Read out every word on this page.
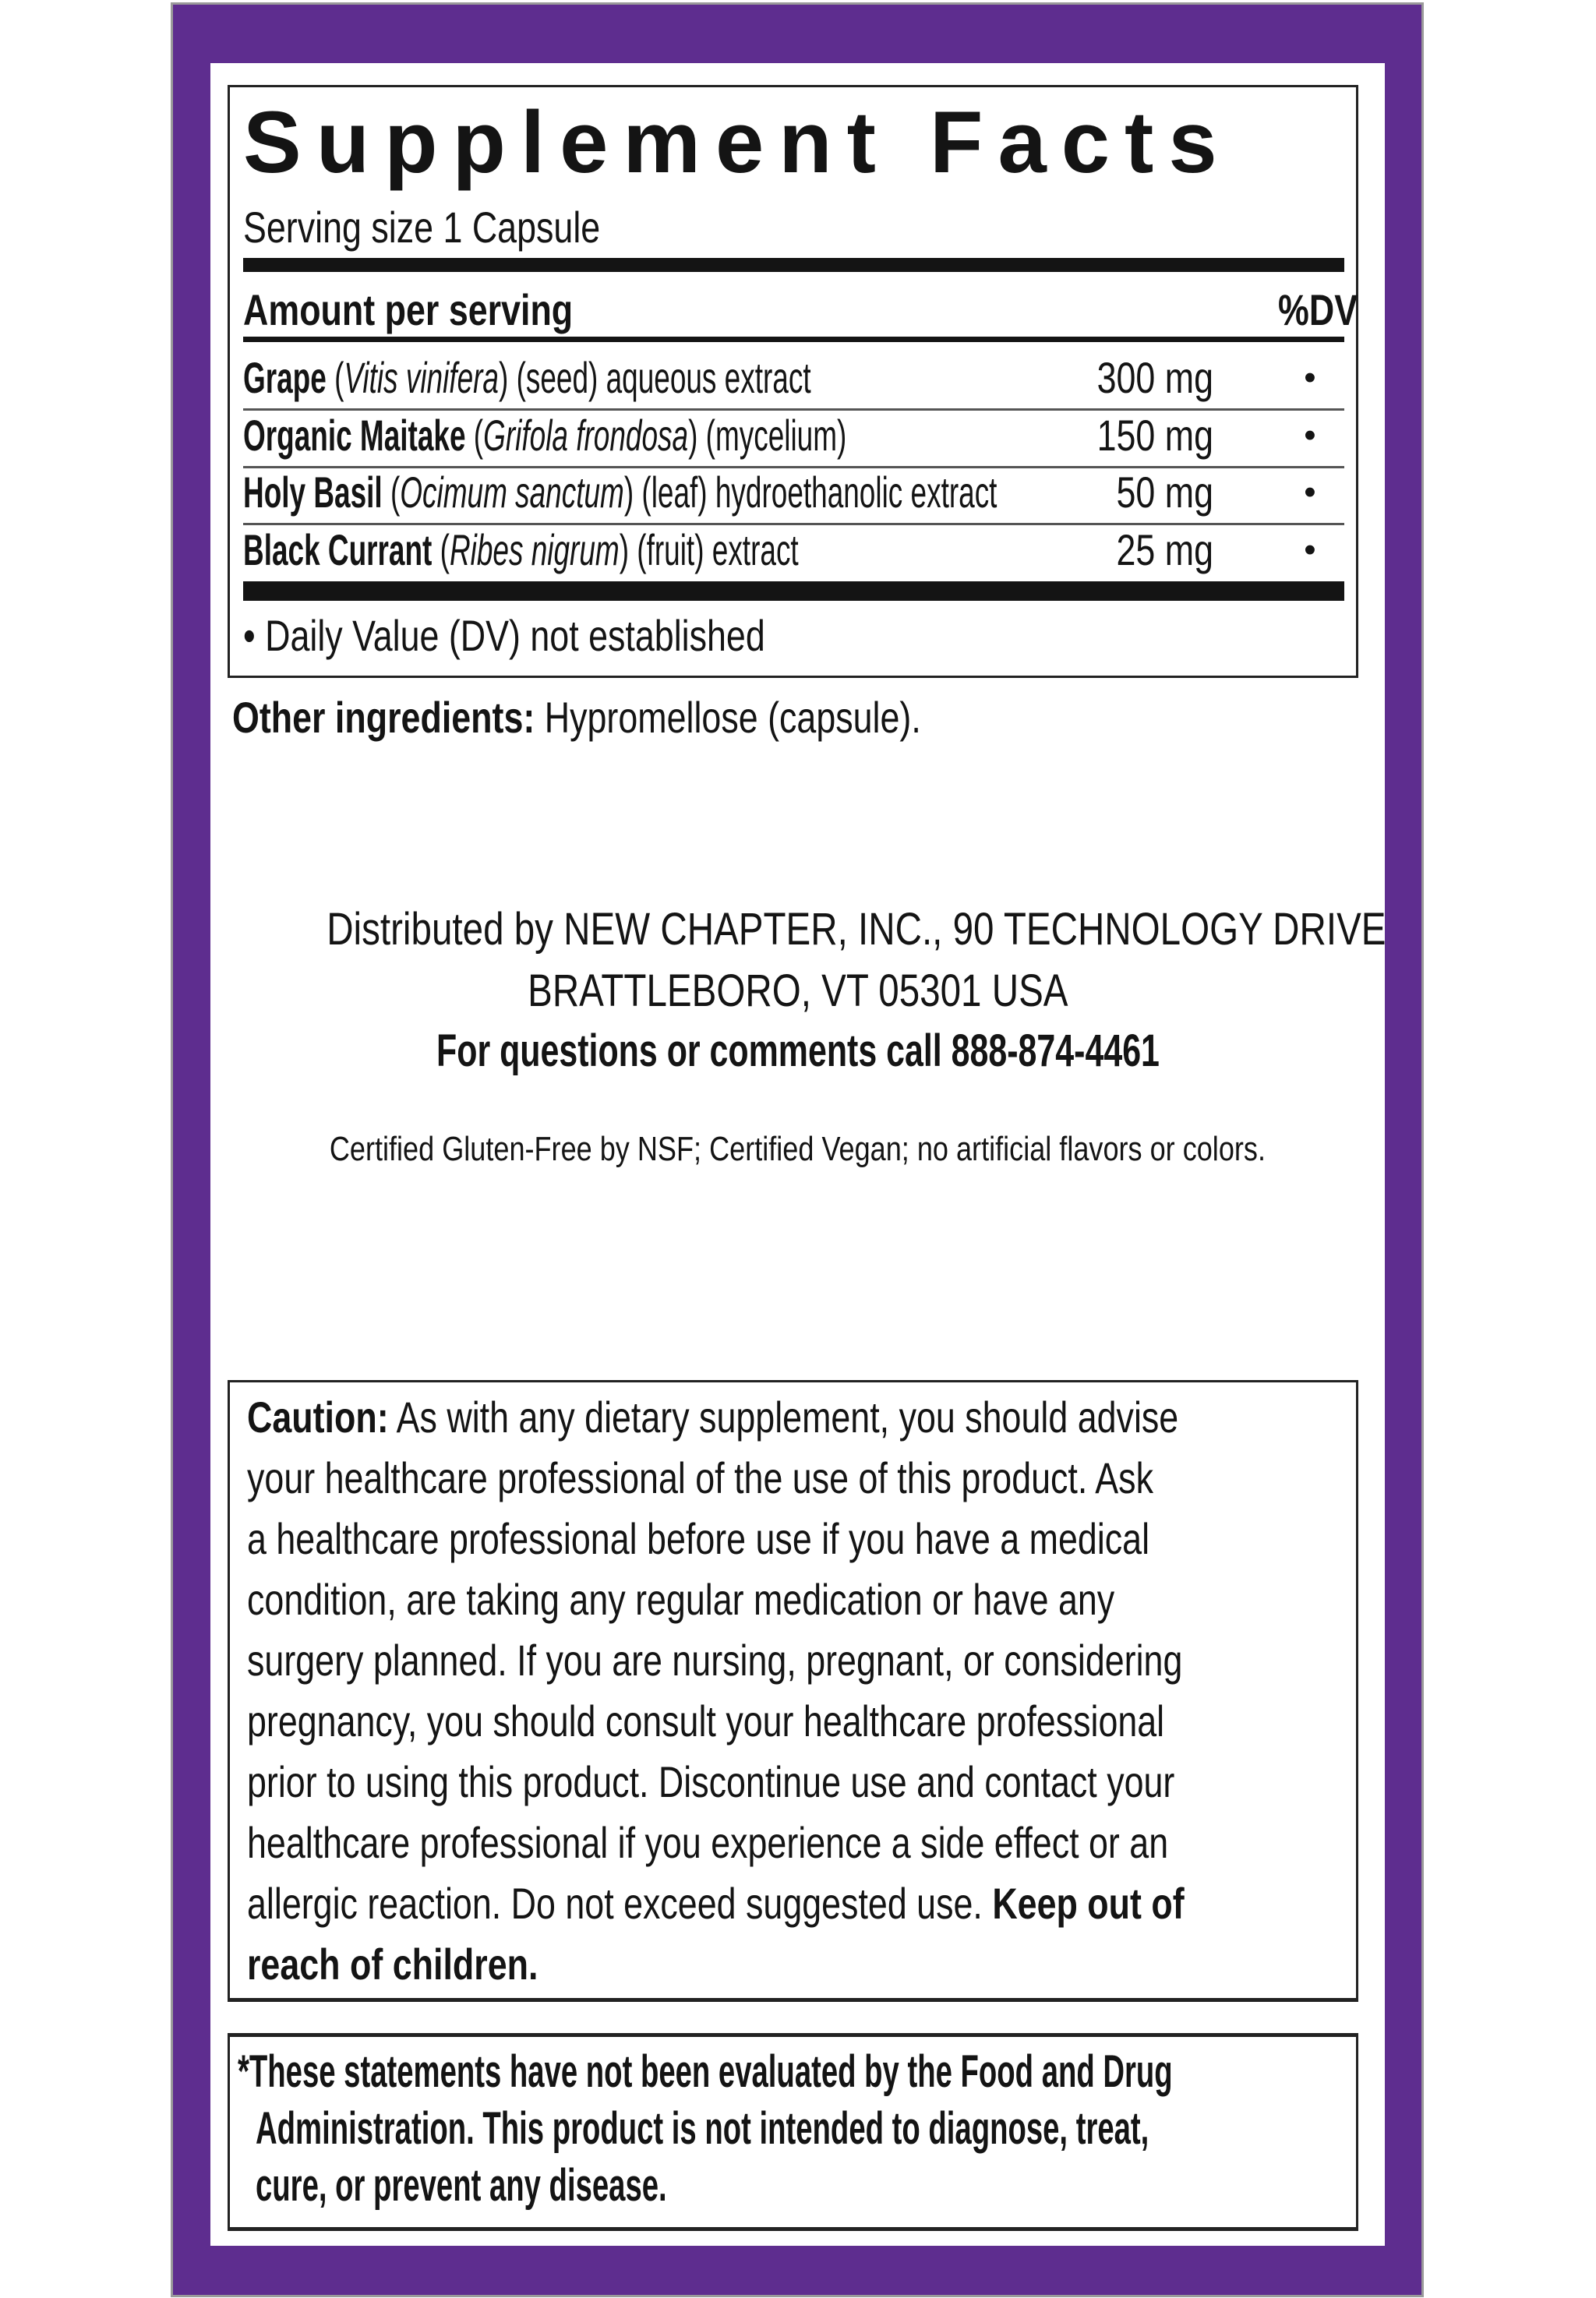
Supplement Facts
Serving size 1 Capsule
Amount per serving	%DV
Grape (Vitis vinifera) (seed) aqueous extract	300 mg	•
Organic Maitake (Grifola frondosa) (mycelium)	150 mg	•
Holy Basil (Ocimum sanctum) (leaf) hydroethanolic extract	50 mg	•
Black Currant (Ribes nigrum) (fruit) extract	25 mg	•
• Daily Value (DV) not established
Other ingredients: Hypromellose (capsule).
Distributed by NEW CHAPTER, INC., 90 TECHNOLOGY DRIVE
BRATTLEBORO, VT 05301 USA
For questions or comments call 888-874-4461
Certified Gluten-Free by NSF; Certified Vegan; no artificial flavors or colors.
Caution: As with any dietary supplement, you should advise
your healthcare professional of the use of this product. Ask
a healthcare professional before use if you have a medical
condition, are taking any regular medication or have any
surgery planned. If you are nursing, pregnant, or considering
pregnancy, you should consult your healthcare professional
prior to using this product. Discontinue use and contact your
healthcare professional if you experience a side effect or an
allergic reaction. Do not exceed suggested use. Keep out of
reach of children.
*These statements have not been evaluated by the Food and Drug
Administration. This product is not intended to diagnose, treat,
cure, or prevent any disease.
